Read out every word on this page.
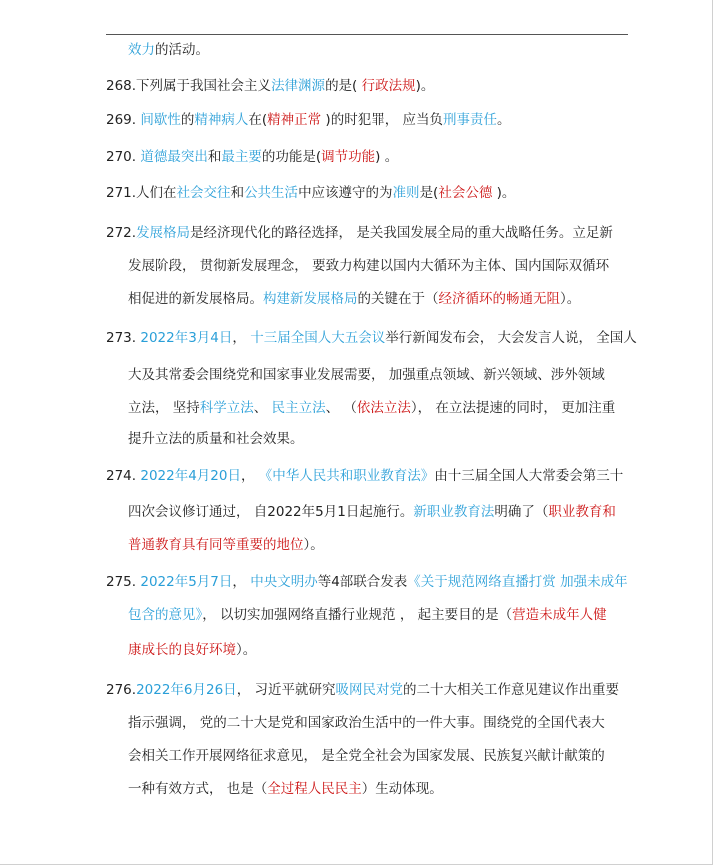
效力的活动。
268.下列属于我国社会主义法律渊源的是( 行政法规)。
269. 间歇性的精神病人在(精神正常 )的时犯罪， 应当负刑事责任。
270. 道德最突出和最主要的功能是(调节功能) 。
271.人们在社会交往和公共生活中应该遵守的为准则是(社会公德 )。
272.发展格局是经济现代化的路径选择， 是关我国发展全局的重大战略任务。立足新
发展阶段， 贯彻新发展理念， 要致力构建以国内大循环为主体、国内国际双循环
相促进的新发展格局。构建新发展格局的关键在于（经济循环的畅通无阻）。
273. 2022年3月4日， 十三届全国人大五会议举行新闻发布会， 大会发言人说， 全国人
大及其常委会围绕党和国家事业发展需要， 加强重点领域、新兴领域、涉外领域
立法， 坚持科学立法、 民主立法、 （依法立法）， 在立法提速的同时， 更加注重
提升立法的质量和社会效果。
274. 2022年4月20日， 《中华人民共和职业教育法》由十三届全国人大常委会第三十
四次会议修订通过， 自2022年5月1日起施行。新职业教育法明确了（职业教育和
普通教育具有同等重要的地位）。
275. 2022年5月7日， 中央文明办等4部联合发表《关于规范网络直播打赏 加强未成年
包含的意见》， 以切实加强网络直播行业规范 ， 起主要目的是（营造未成年人健
康成长的良好环境）。
276.2022年6月26日， 习近平就研究吸网民对党的二十大相关工作意见建议作出重要
指示强调， 党的二十大是党和国家政治生活中的一件大事。围绕党的全国代表大
会相关工作开展网络征求意见， 是全党全社会为国家发展、民族复兴献计献策的
一种有效方式， 也是（全过程人民民主）生动体现。
